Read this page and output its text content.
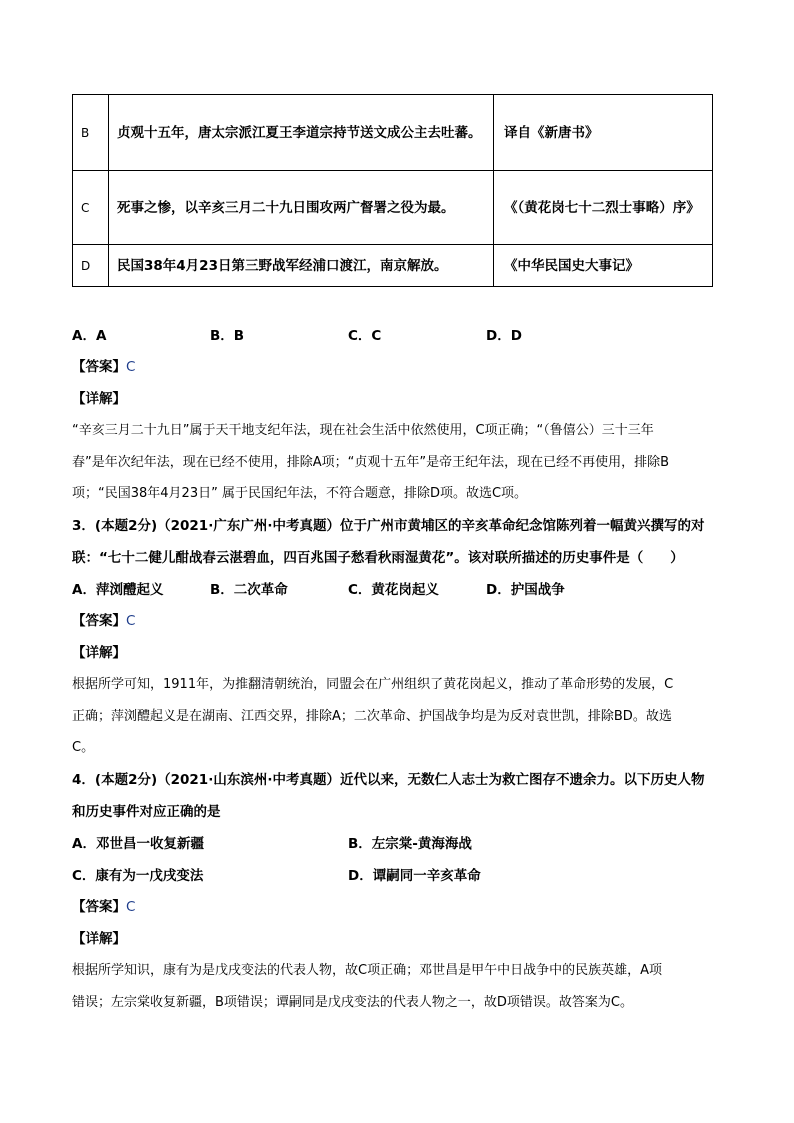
B	贞观十五年，唐太宗派江夏王李道宗持节送文成公主去吐蕃。	译自《新唐书》
C	死事之惨，以辛亥三月二十九日围攻两广督署之役为最。	《（黄花岗七十二烈士事略）序》
D	民国38年4月23日第三野战军经浦口渡江，南京解放。	《中华民国史大事记》
A．A	B．B	C．C	D．D
【答案】C
【详解】
“辛亥三月二十九日”属于天干地支纪年法，现在社会生活中依然使用，C项正确；“（鲁僖公）三十三年
春”是年次纪年法，现在已经不使用，排除A项；“贞观十五年”是帝王纪年法，现在已经不再使用，排除B
项；“民国38年4月23日” 属于民国纪年法，不符合题意，排除D项。故选C项。
3．(本题2分)（2021·广东广州·中考真题）位于广州市黄埔区的辛亥革命纪念馆陈列着一幅黄兴撰写的对
联：“七十二健儿酣战春云湛碧血，四百兆国子愁看秋雨湿黄花”。该对联所描述的历史事件是（　　）
A．萍浏醴起义	B．二次革命	C．黄花岗起义	D．护国战争
【答案】C
【详解】
根据所学可知，1911年，为推翻清朝统治，同盟会在广州组织了黄花岗起义，推动了革命形势的发展，C
正确；萍浏醴起义是在湖南、江西交界，排除A；二次革命、护国战争均是为反对袁世凯，排除BD。故选
C。
4．(本题2分)（2021·山东滨州·中考真题）近代以来，无数仁人志士为救亡图存不遗余力。以下历史人物
和历史事件对应正确的是
A．邓世昌一收复新疆	B．左宗棠-黄海海战
C．康有为一戊戌变法	D．谭嗣同一辛亥革命
【答案】C
【详解】
根据所学知识，康有为是戊戌变法的代表人物，故C项正确；邓世昌是甲午中日战争中的民族英雄，A项
错误；左宗棠收复新疆，B项错误；谭嗣同是戊戌变法的代表人物之一，故D项错误。故答案为C。
